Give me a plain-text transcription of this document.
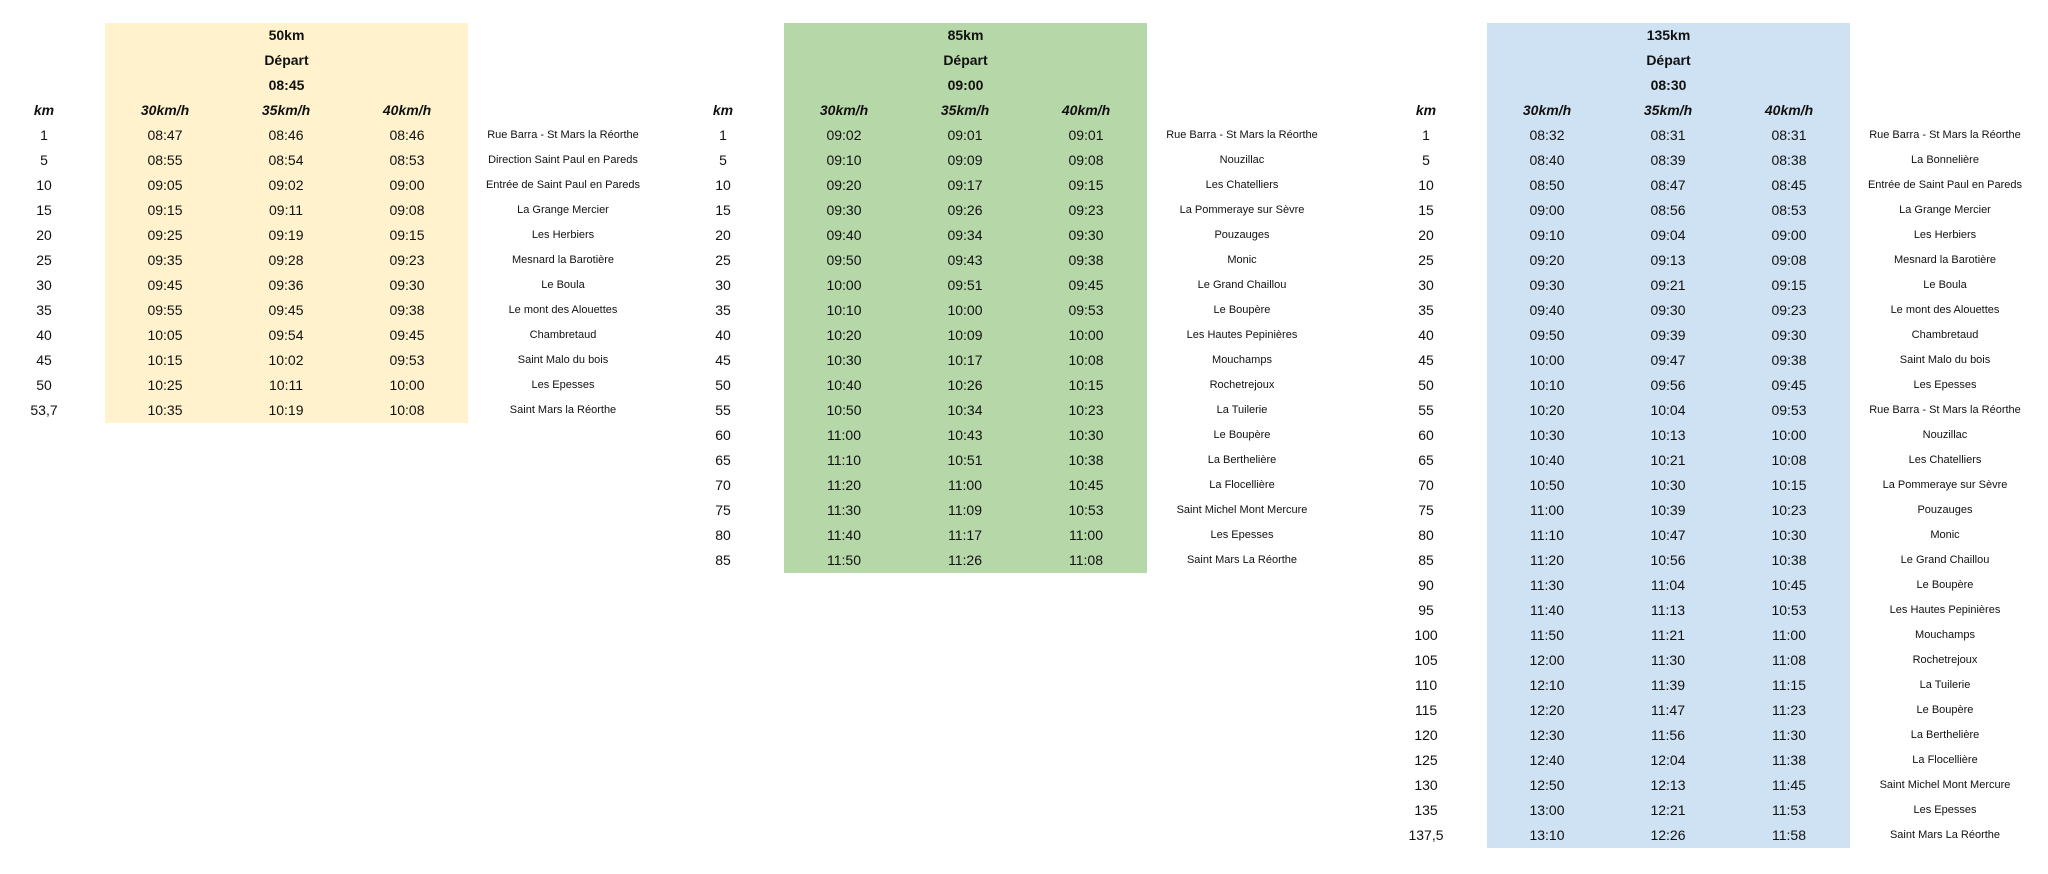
50km
Départ
08:45
km	30km/h	35km/h	40km/h
1	08:47	08:46	08:46	Rue Barra - St Mars la Réorthe
5	08:55	08:54	08:53	Direction Saint Paul en Pareds
10	09:05	09:02	09:00	Entrée de Saint Paul en Pareds
15	09:15	09:11	09:08	La Grange Mercier
20	09:25	09:19	09:15	Les Herbiers
25	09:35	09:28	09:23	Mesnard la Barotière
30	09:45	09:36	09:30	Le Boula
35	09:55	09:45	09:38	Le mont des Alouettes
40	10:05	09:54	09:45	Chambretaud
45	10:15	10:02	09:53	Saint Malo du bois
50	10:25	10:11	10:00	Les Epesses
53,7	10:35	10:19	10:08	Saint Mars la Réorthe
85km
Départ
09:00
km	30km/h	35km/h	40km/h
1	09:02	09:01	09:01	Rue Barra - St Mars la Réorthe
5	09:10	09:09	09:08	Nouzillac
10	09:20	09:17	09:15	Les Chatelliers
15	09:30	09:26	09:23	La Pommeraye sur Sèvre
20	09:40	09:34	09:30	Pouzauges
25	09:50	09:43	09:38	Monic
30	10:00	09:51	09:45	Le Grand Chaillou
35	10:10	10:00	09:53	Le Boupère
40	10:20	10:09	10:00	Les Hautes Pepinières
45	10:30	10:17	10:08	Mouchamps
50	10:40	10:26	10:15	Rochetrejoux
55	10:50	10:34	10:23	La Tuilerie
60	11:00	10:43	10:30	Le Boupère
65	11:10	10:51	10:38	La Berthelière
70	11:20	11:00	10:45	La Flocellière
75	11:30	11:09	10:53	Saint Michel Mont Mercure
80	11:40	11:17	11:00	Les Epesses
85	11:50	11:26	11:08	Saint Mars La Réorthe
135km
Départ
08:30
km	30km/h	35km/h	40km/h
1	08:32	08:31	08:31	Rue Barra - St Mars la Réorthe
5	08:40	08:39	08:38	La Bonnelière
10	08:50	08:47	08:45	Entrée de Saint Paul en Pareds
15	09:00	08:56	08:53	La Grange Mercier
20	09:10	09:04	09:00	Les Herbiers
25	09:20	09:13	09:08	Mesnard la Barotière
30	09:30	09:21	09:15	Le Boula
35	09:40	09:30	09:23	Le mont des Alouettes
40	09:50	09:39	09:30	Chambretaud
45	10:00	09:47	09:38	Saint Malo du bois
50	10:10	09:56	09:45	Les Epesses
55	10:20	10:04	09:53	Rue Barra - St Mars la Réorthe
60	10:30	10:13	10:00	Nouzillac
65	10:40	10:21	10:08	Les Chatelliers
70	10:50	10:30	10:15	La Pommeraye sur Sèvre
75	11:00	10:39	10:23	Pouzauges
80	11:10	10:47	10:30	Monic
85	11:20	10:56	10:38	Le Grand Chaillou
90	11:30	11:04	10:45	Le Boupère
95	11:40	11:13	10:53	Les Hautes Pepinières
100	11:50	11:21	11:00	Mouchamps
105	12:00	11:30	11:08	Rochetrejoux
110	12:10	11:39	11:15	La Tuilerie
115	12:20	11:47	11:23	Le Boupère
120	12:30	11:56	11:30	La Berthelière
125	12:40	12:04	11:38	La Flocellière
130	12:50	12:13	11:45	Saint Michel Mont Mercure
135	13:00	12:21	11:53	Les Epesses
137,5	13:10	12:26	11:58	Saint Mars La Réorthe
